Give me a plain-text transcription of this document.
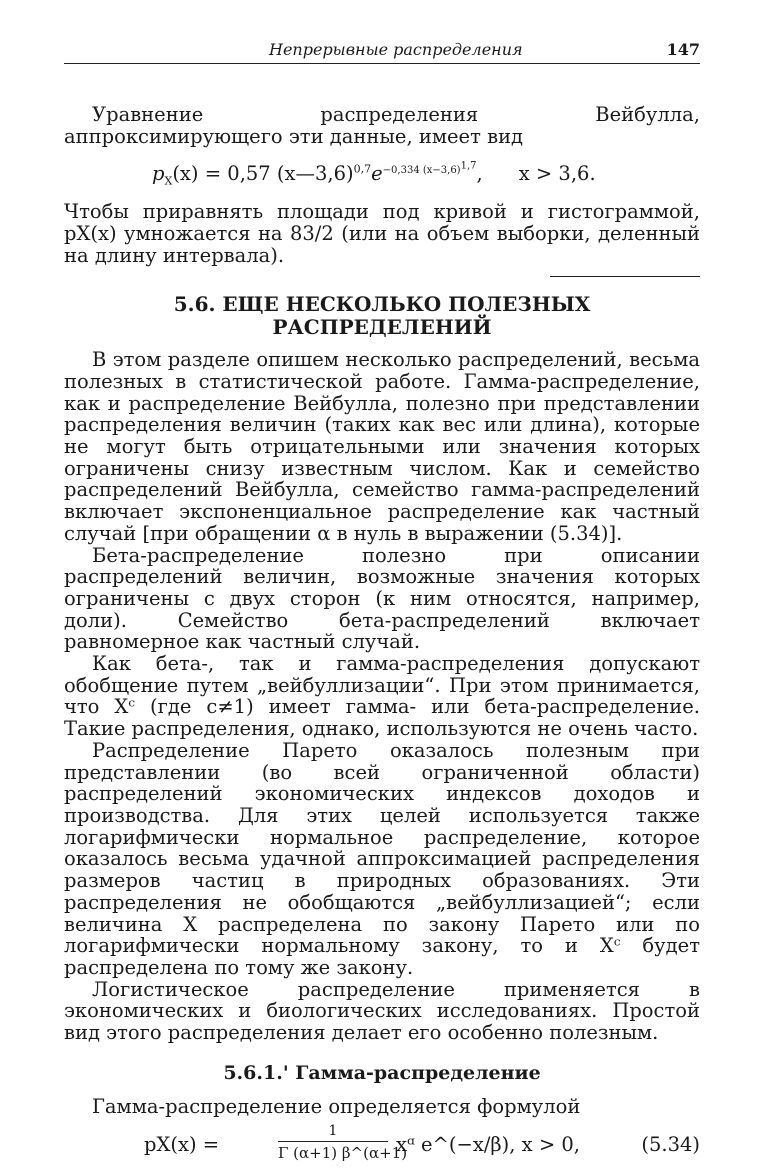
Непрерывные распределения	147

Уравнение распределения Вейбулла, аппроксимирующего эти данные, имеет вид

$p_X(x) = 0,57$ $(x—3,6)^{0,7}e^{-0,334 (x-3,6)^{1,7}}$, x > 3,6.

Чтобы приравнять площади под кривой и гистограммой, pX(x) умножается на 83/2 (или на объем выборки, деленный на длину интервала).

5.6. ЕЩЕ НЕСКОЛЬКО ПОЛЕЗНЫХ
РАСПРЕДЕЛЕНИЙ

В этом разделе опишем несколько распределений, весьма полезных в статистической работе. Гамма-распределение, как и распределение Вейбулла, полезно при представлении распределения величин (таких как вес или длина), которые не могут быть отрицательными или значения которых ограничены снизу известным числом. Как и семейство распределений Вейбулла, семейство гамма-распределений включает экспоненциальное распределение как частный случай [при обращении α в нуль в выражении (5.34)].

Бета-распределение полезно при описании распределений величин, возможные значения которых ограничены с двух сторон (к ним относятся, например, доли). Семейство бета-распределений включает равномерное как частный случай.

Как бета-, так и гамма-распределения допускают обобщение путем „вейбуллизации“. При этом принимается, что Xᶜ (где c≠1) имеет гамма- или бета-распределение. Такие распределения, однако, используются не очень часто.

Распределение Парето оказалось полезным при представлении (во всей ограниченной области) распределений экономических индексов доходов и производства. Для этих целей используется также логарифмически нормальное распределение, которое оказалось весьма удачной аппроксимацией распределения размеров частиц в природных образованиях. Эти распределения не обобщаются „вейбуллизацией“; если величина X распределена по закону Парето или по логарифмически нормальному закону, то и Xᶜ будет распределена по тому же закону.

Логистическое распределение применяется в экономических и биологических исследованиях. Простой вид этого распределения делает его особенно полезным.

5.6.1.' Гамма-распределение

Гамма-распределение определяется формулой

pX(x) =
1
Γ (α+1) β^(α+1)
xᵅ e^(−x/β), x > 0,	(5.34)
